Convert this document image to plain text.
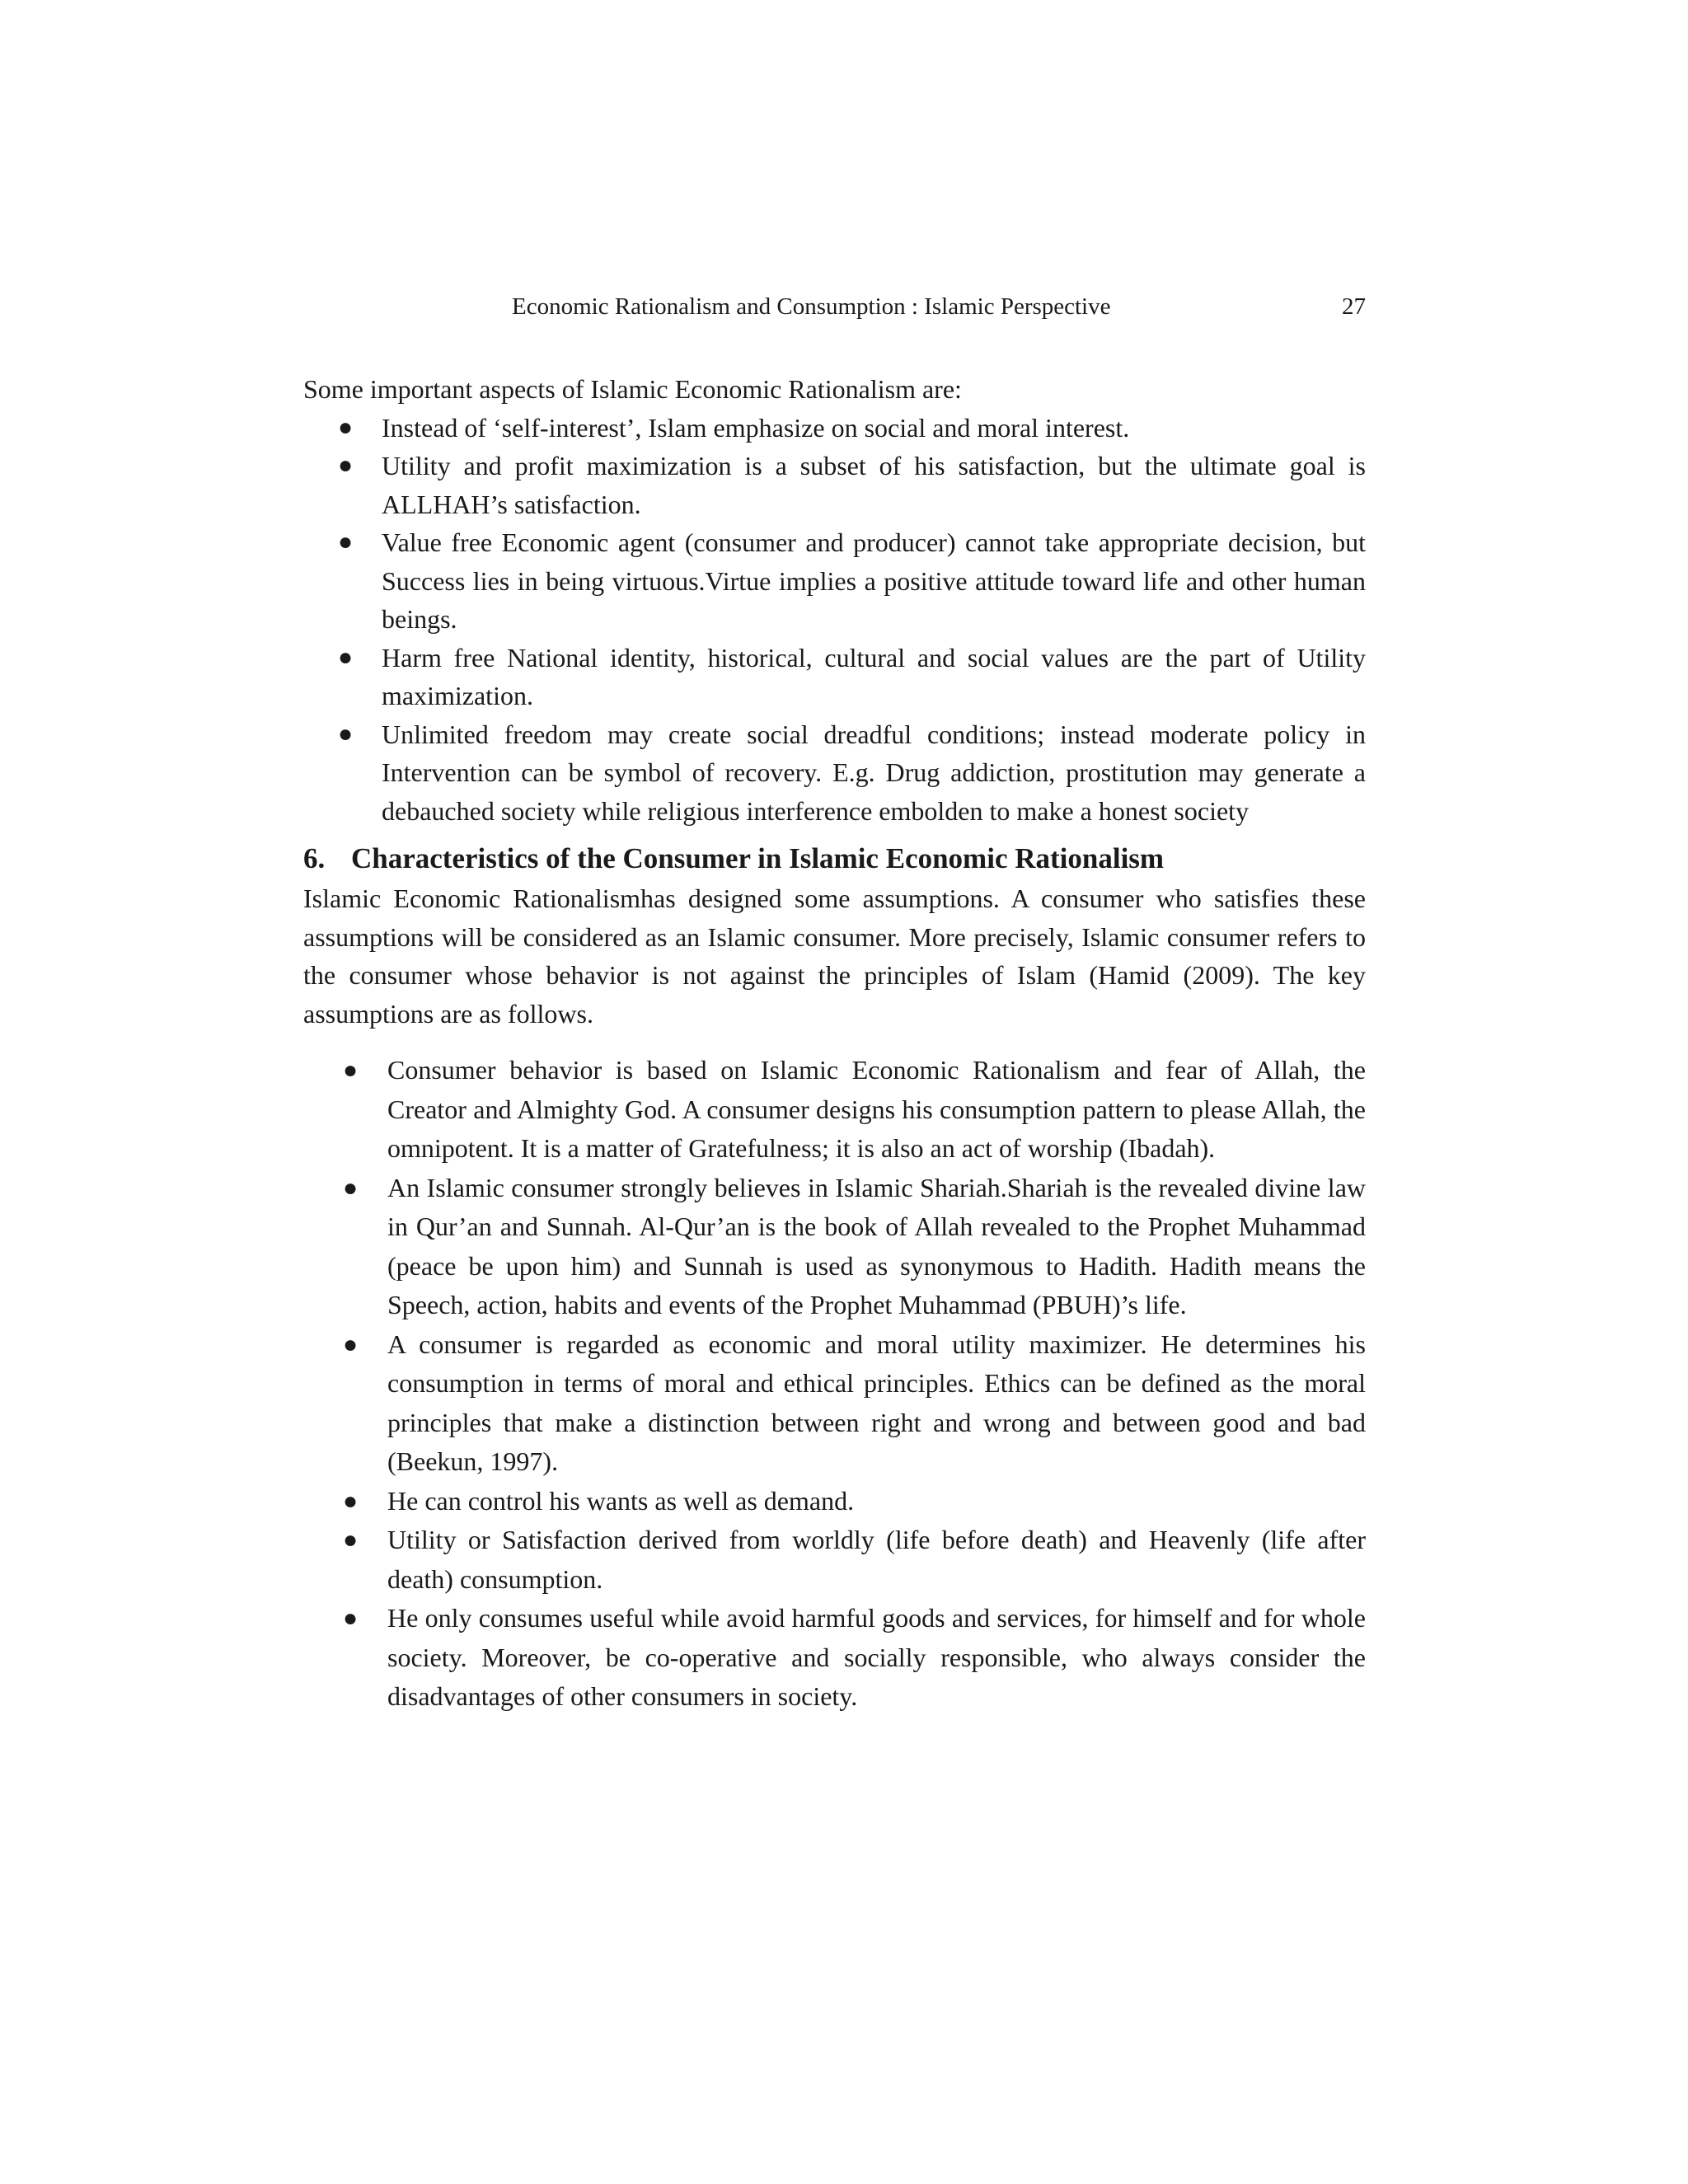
Economic Rationalism and Consumption : Islamic Perspective	27

Some important aspects of Islamic Economic Rationalism are:

● Instead of ‘self-interest’, Islam emphasize on social and moral interest.
● Utility and profit maximization is a subset of his satisfaction, but the ultimate goal is ALLHAH’s satisfaction.
● Value free Economic agent (consumer and producer) cannot take appropriate decision, but Success lies in being virtuous.Virtue implies a positive attitude toward life and other human beings.
● Harm free National identity, historical, cultural and social values are the part of Utility maximization.
● Unlimited freedom may create social dreadful conditions; instead moderate policy in Intervention can be symbol of recovery. E.g. Drug addiction, prostitution may generate a debauched society while religious interference embolden to make a honest society
6. Characteristics of the Consumer in Islamic Economic Rationalism

Islamic Economic Rationalismhas designed some assumptions. A consumer who satisfies these assumptions will be considered as an Islamic consumer. More precisely, Islamic consumer refers to the consumer whose behavior is not against the principles of Islam (Hamid (2009). The key assumptions are as follows.

● Consumer behavior is based on Islamic Economic Rationalism and fear of Allah, the Creator and Almighty God. A consumer designs his consumption pattern to please Allah, the omnipotent. It is a matter of Gratefulness; it is also an act of worship (Ibadah).
● An Islamic consumer strongly believes in Islamic Shariah.Shariah is the revealed divine law in Qur’an and Sunnah. Al-Qur’an is the book of Allah revealed to the Prophet Muhammad (peace be upon him) and Sunnah is used as synonymous to Hadith. Hadith means the Speech, action, habits and events of the Prophet Muhammad (PBUH)’s life.
● A consumer is regarded as economic and moral utility maximizer. He determines his consumption in terms of moral and ethical principles. Ethics can be defined as the moral principles that make a distinction between right and wrong and between good and bad (Beekun, 1997).
● He can control his wants as well as demand.
● Utility or Satisfaction derived from worldly (life before death) and Heavenly (life after death) consumption.
● He only consumes useful while avoid harmful goods and services, for himself and for whole society. Moreover, be co-operative and socially responsible, who always consider the disadvantages of other consumers in society.
